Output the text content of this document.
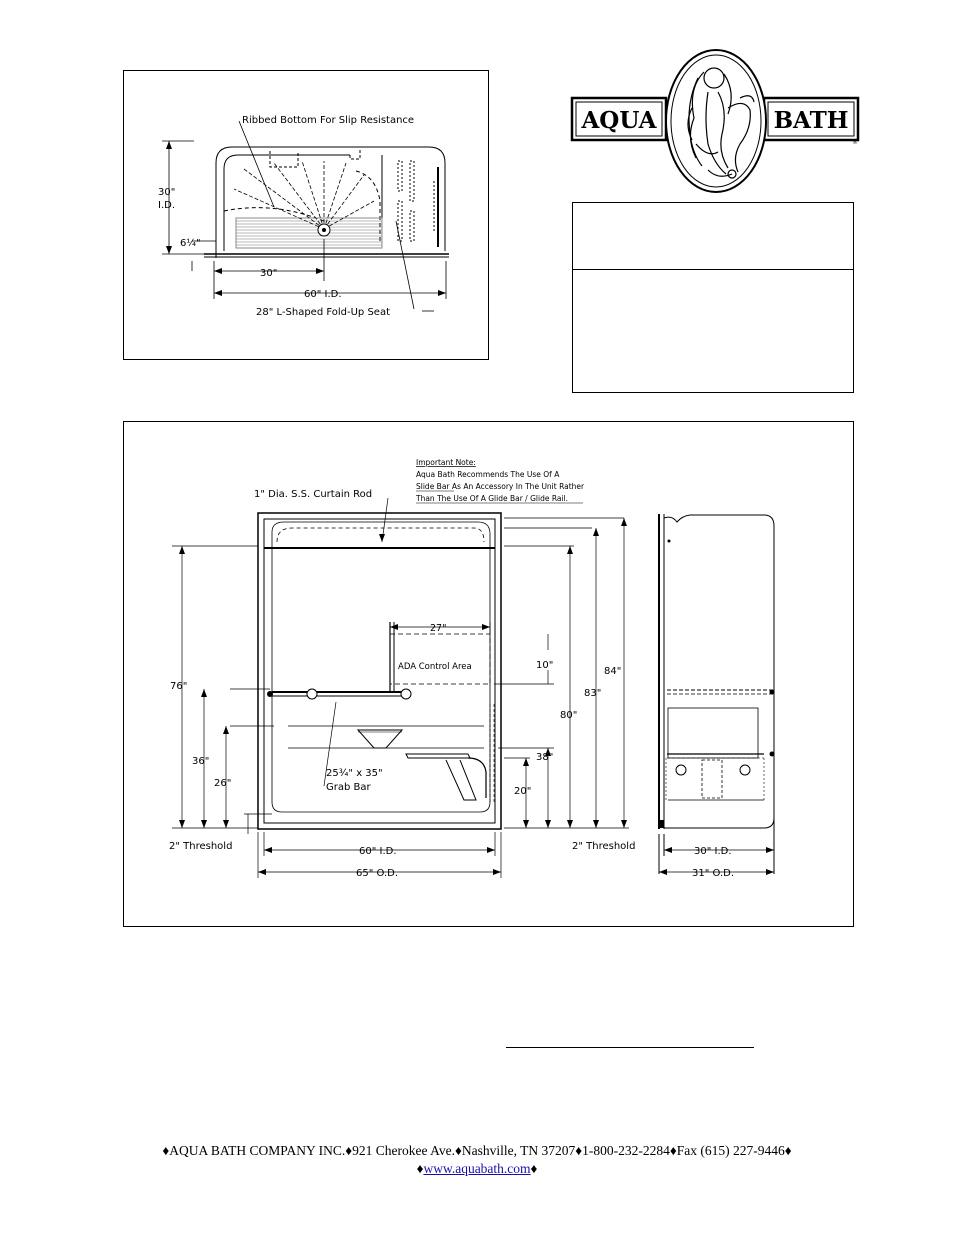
Ribbed Bottom For Slip Resistance
30"
I.D.
6¼"
30"
60" I.D.
28" L-Shaped Fold-Up Seat
AQUA	BATH
®
Important Note:
Aqua Bath Recommends The Use Of A
Slide Bar As An Accessory In The Unit Rather
Than The Use Of A Glide Bar / Glide Rail.
1" Dia. S.S. Curtain Rod
27"
ADA Control Area	10"
76"
36"
26"
25¾" x 35"
Grab Bar
38"
20"
80"
83"
84"
2" Threshold	2" Threshold
60" I.D.
65" O.D.
30" I.D.
31" O.D.
♦AQUA BATH COMPANY INC.♦921 Cherokee Ave.♦Nashville, TN 37207♦1-800-232-2284♦Fax (615) 227-9446♦
♦www.aquabath.com♦
